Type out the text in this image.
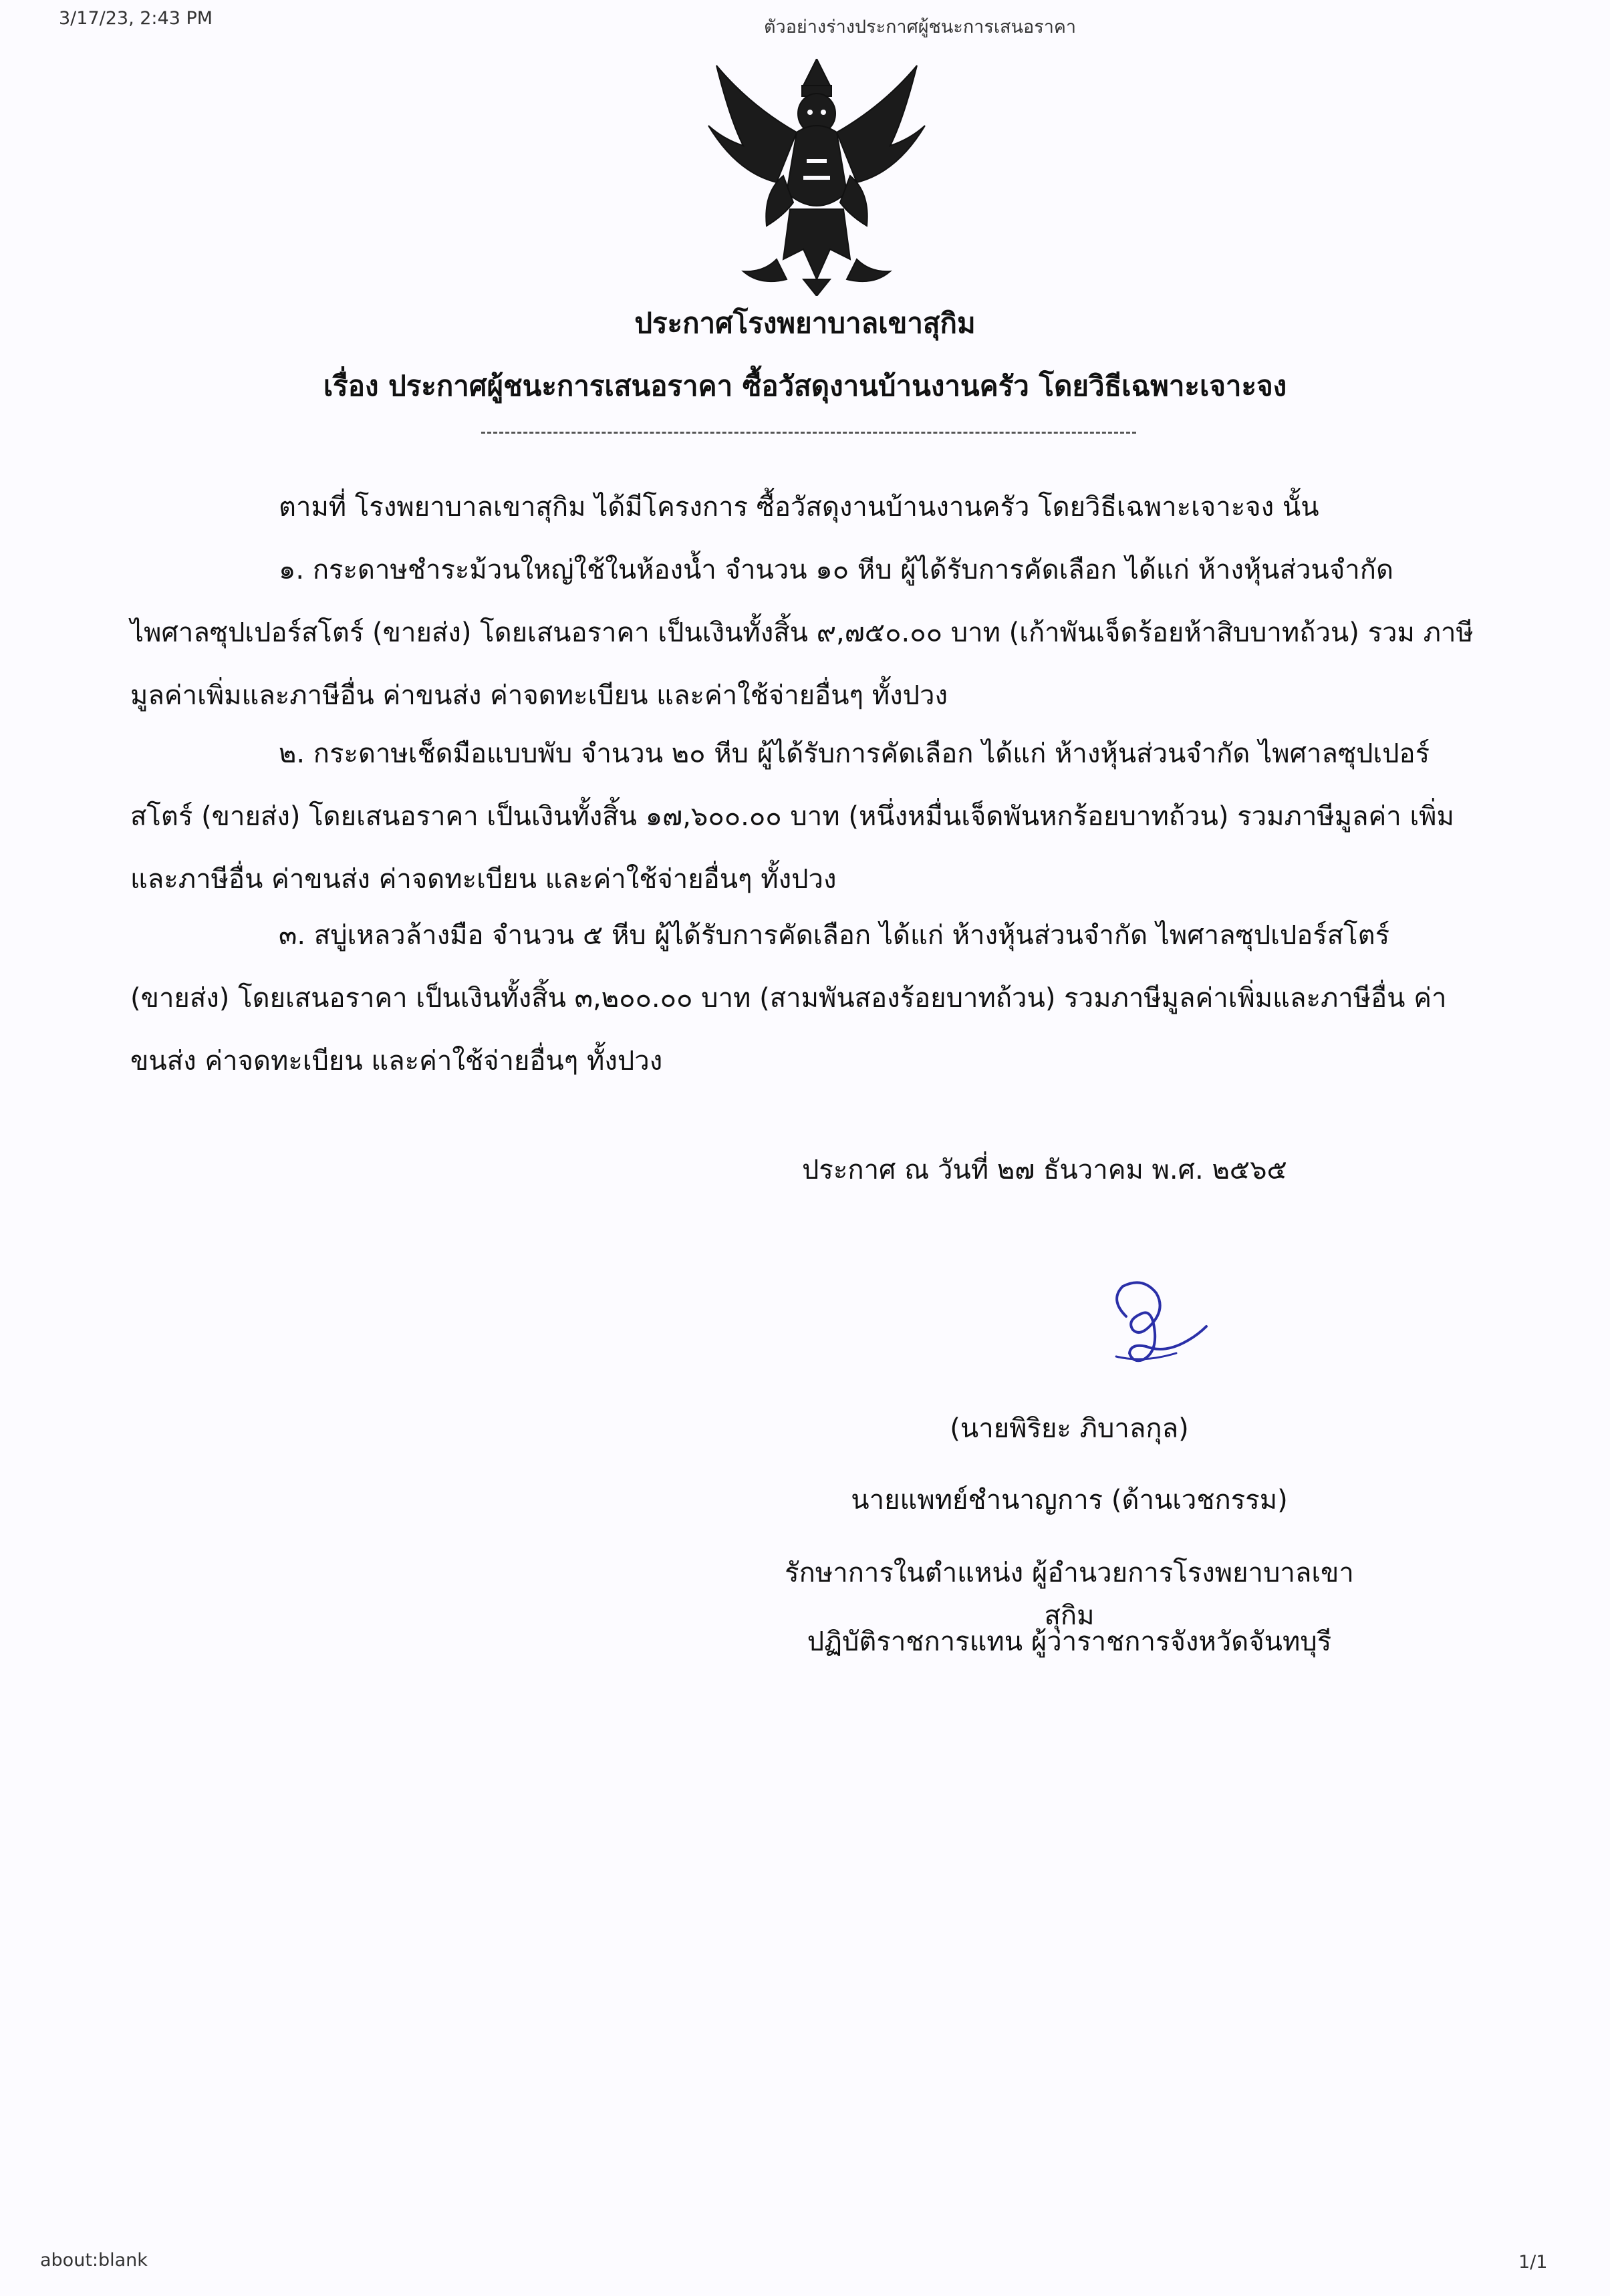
3/17/23, 2:43 PM	ตัวอย่างร่างประกาศผู้ชนะการเสนอราคา
ประกาศโรงพยาบาลเขาสุกิม
เรื่อง ประกาศผู้ชนะการเสนอราคา ซื้อวัสดุงานบ้านงานครัว โดยวิธีเฉพาะเจาะจง

ตามที่ โรงพยาบาลเขาสุกิม ได้มีโครงการ ซื้อวัสดุงานบ้านงานครัว โดยวิธีเฉพาะเจาะจง นั้น

๑. กระดาษชำระม้วนใหญ่ใช้ในห้องน้ำ จำนวน ๑๐ หีบ ผู้ได้รับการคัดเลือก ได้แก่ ห้างหุ้นส่วนจำกัด ไพศาลซุปเปอร์สโตร์ (ขายส่ง) โดยเสนอราคา เป็นเงินทั้งสิ้น ๙,๗๕๐.๐๐ บาท (เก้าพันเจ็ดร้อยห้าสิบบาทถ้วน) รวม ภาษีมูลค่าเพิ่มและภาษีอื่น ค่าขนส่ง ค่าจดทะเบียน และค่าใช้จ่ายอื่นๆ ทั้งปวง

๒. กระดาษเช็ดมือแบบพับ จำนวน ๒๐ หีบ ผู้ได้รับการคัดเลือก ได้แก่ ห้างหุ้นส่วนจำกัด ไพศาลซุปเปอร์ สโตร์ (ขายส่ง) โดยเสนอราคา เป็นเงินทั้งสิ้น ๑๗,๖๐๐.๐๐ บาท (หนึ่งหมื่นเจ็ดพันหกร้อยบาทถ้วน) รวมภาษีมูลค่า เพิ่มและภาษีอื่น ค่าขนส่ง ค่าจดทะเบียน และค่าใช้จ่ายอื่นๆ ทั้งปวง

๓. สบู่เหลวล้างมือ จำนวน ๕ หีบ ผู้ได้รับการคัดเลือก ได้แก่ ห้างหุ้นส่วนจำกัด ไพศาลซุปเปอร์สโตร์ (ขายส่ง) โดยเสนอราคา เป็นเงินทั้งสิ้น ๓,๒๐๐.๐๐ บาท (สามพันสองร้อยบาทถ้วน) รวมภาษีมูลค่าเพิ่มและภาษีอื่น ค่าขนส่ง ค่าจดทะเบียน และค่าใช้จ่ายอื่นๆ ทั้งปวง

ประกาศ ณ วันที่ ๒๗ ธันวาคม พ.ศ. ๒๕๖๕
(นายพิริยะ ภิบาลกุล)
นายแพทย์ชำนาญการ (ด้านเวชกรรม)
รักษาการในตำแหน่ง ผู้อำนวยการโรงพยาบาลเขาสุกิม
ปฏิบัติราชการแทน ผู้ว่าราชการจังหวัดจันทบุรี
about:blank	1/1
